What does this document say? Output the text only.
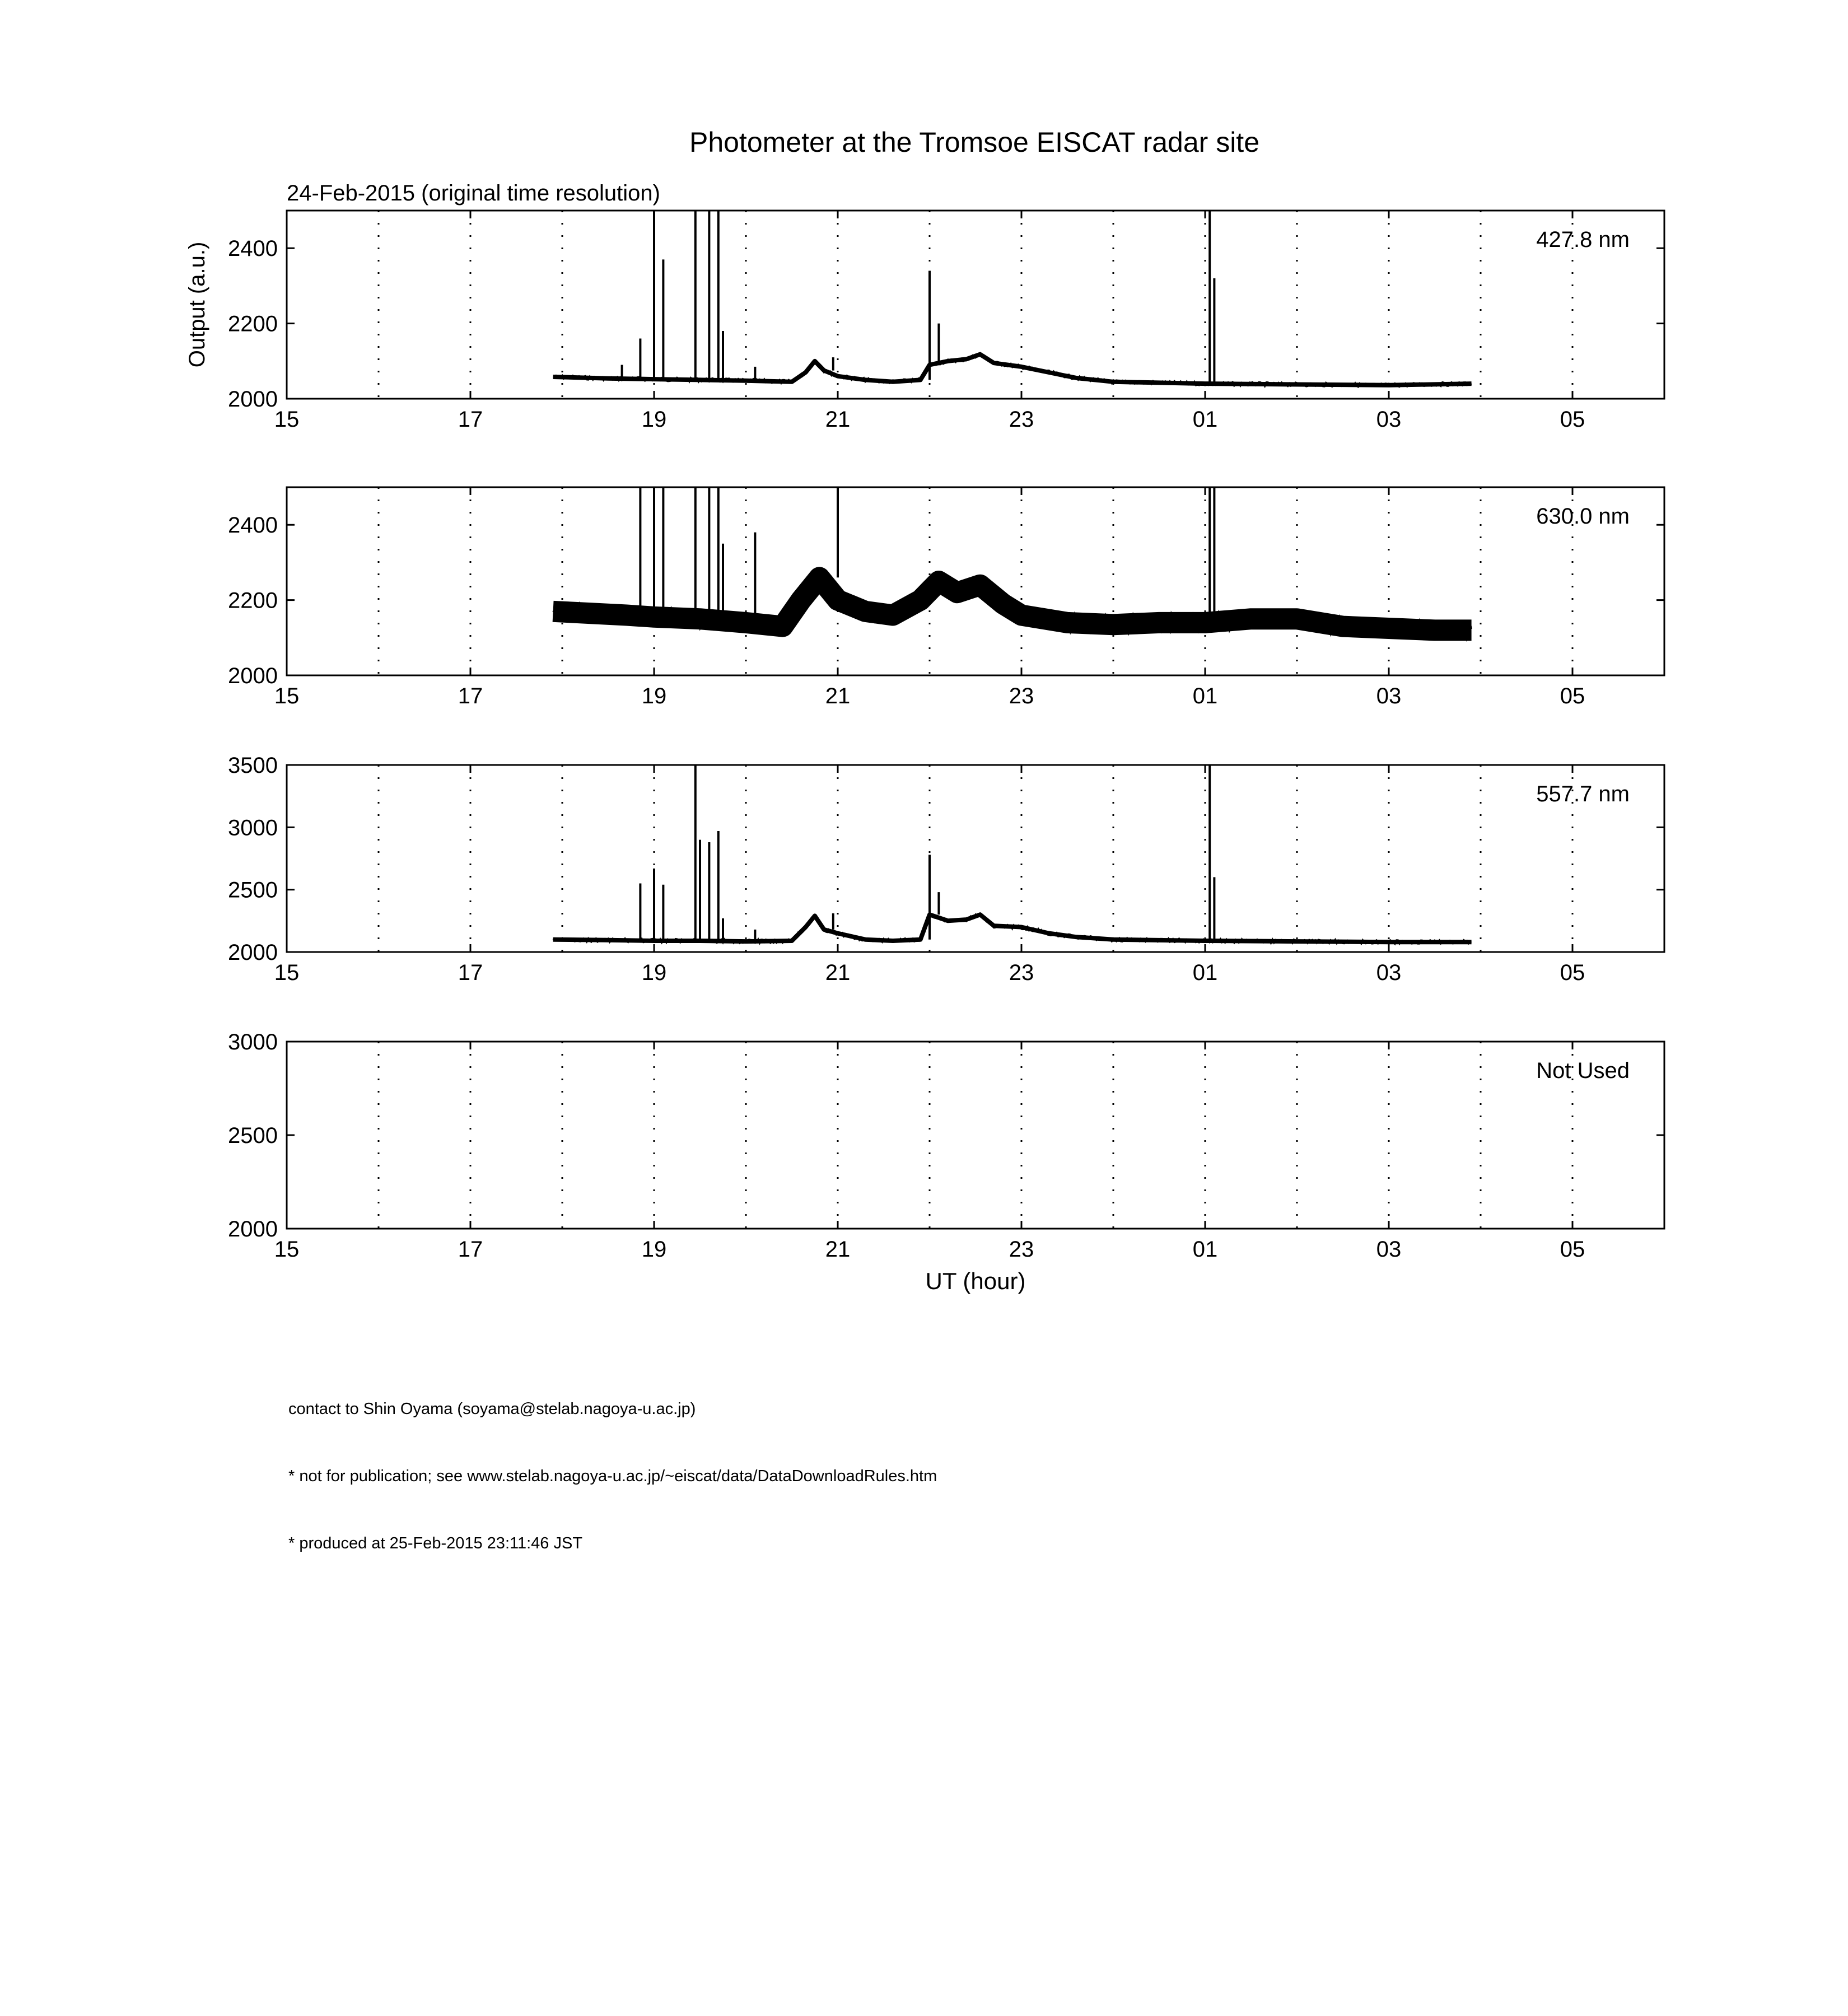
Photometer at the Tromsoe EISCAT radar site
24-Feb-2015 (original time resolution)
15	17	19	21	23	01	03	05
2000
2200
2400	427.8 nm
Output (a.u.)
15	17	19	21	23	01	03	05
2000
2200
2400	630.0 nm
15	17	19	21	23	01	03	05
2000
2500
3000
3500
557.7 nm
15	17	19	21	23	01	03	05
2000
2500
3000
Not Used
UT (hour)

contact to Shin Oyama (soyama@stelab.nagoya-u.ac.jp)

* not for publication; see www.stelab.nagoya-u.ac.jp/~eiscat/data/DataDownloadRules.htm

* produced at 25-Feb-2015 23:11:46 JST
